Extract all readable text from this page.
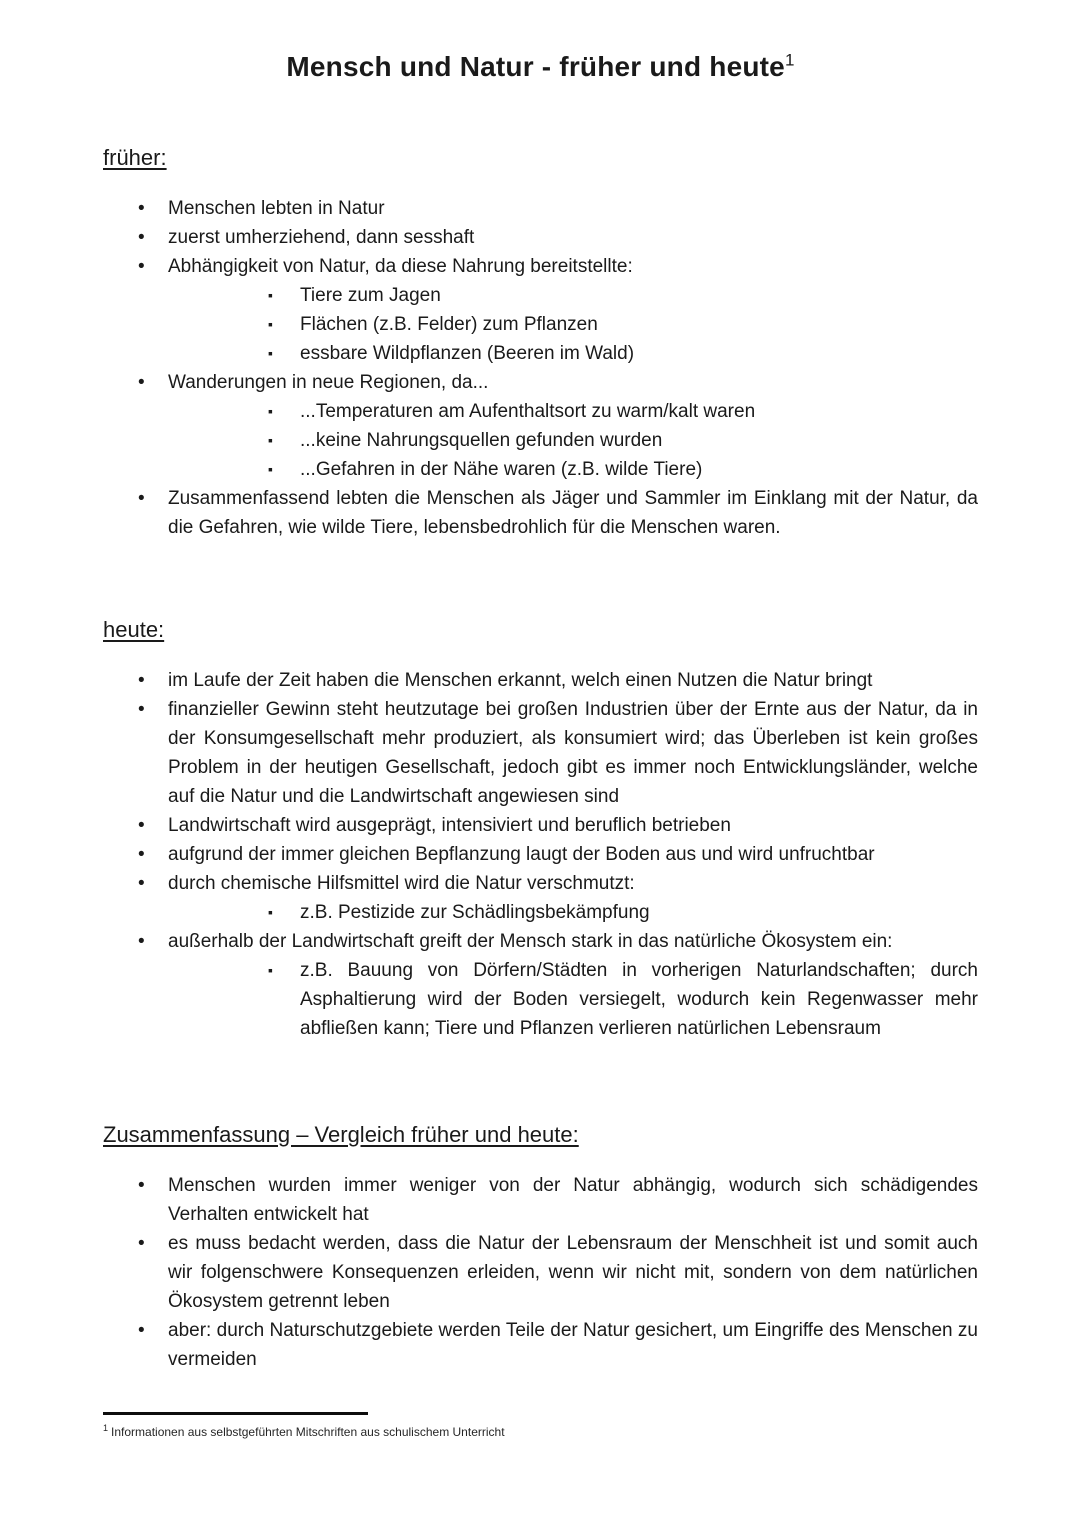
Mensch und Natur - früher und heute$^1$
früher:
•	Menschen lebten in Natur
•	zuerst umherziehend, dann sesshaft
•	Abhängigkeit von Natur, da diese Nahrung bereitstellte:
▪	Tiere zum Jagen
▪	Flächen (z.B. Felder) zum Pflanzen
▪	essbare Wildpflanzen (Beeren im Wald)
•	Wanderungen in neue Regionen, da...
▪	...Temperaturen am Aufenthaltsort zu warm/kalt waren
▪	...keine Nahrungsquellen gefunden wurden
▪	...Gefahren in der Nähe waren (z.B. wilde Tiere)
•	Zusammenfassend lebten die Menschen als Jäger und Sammler im Einklang mit der Natur, da die Gefahren, wie wilde Tiere, lebensbedrohlich für die Menschen waren.
heute:
•	im Laufe der Zeit haben die Menschen erkannt, welch einen Nutzen die Natur bringt
•	finanzieller Gewinn steht heutzutage bei großen Industrien über der Ernte aus der Natur, da in der Konsumgesellschaft mehr produziert, als konsumiert wird; das Überleben ist kein großes Problem in der heutigen Gesellschaft, jedoch gibt es immer noch Entwicklungsländer, welche auf die Natur und die Landwirtschaft angewiesen sind
•	Landwirtschaft wird ausgeprägt, intensiviert und beruflich betrieben
•	aufgrund der immer gleichen Bepflanzung laugt der Boden aus und wird unfruchtbar
•	durch chemische Hilfsmittel wird die Natur verschmutzt:
▪	z.B. Pestizide zur Schädlingsbekämpfung
•	außerhalb der Landwirtschaft greift der Mensch stark in das natürliche Ökosystem ein:
▪	z.B. Bauung von Dörfern/Städten in vorherigen Naturlandschaften; durch Asphaltierung wird der Boden versiegelt, wodurch kein Regenwasser mehr abfließen kann; Tiere und Pflanzen verlieren natürlichen Lebensraum
Zusammenfassung – Vergleich früher und heute:
•	Menschen wurden immer weniger von der Natur abhängig, wodurch sich schädigendes Verhalten entwickelt hat
•	es muss bedacht werden, dass die Natur der Lebensraum der Menschheit ist und somit auch wir folgenschwere Konsequenzen erleiden, wenn wir nicht mit, sondern von dem natürlichen Ökosystem getrennt leben
•	aber: durch Naturschutzgebiete werden Teile der Natur gesichert, um Eingriffe des Menschen zu vermeiden
$^1$ Informationen aus selbstgeführten Mitschriften aus schulischem Unterricht
